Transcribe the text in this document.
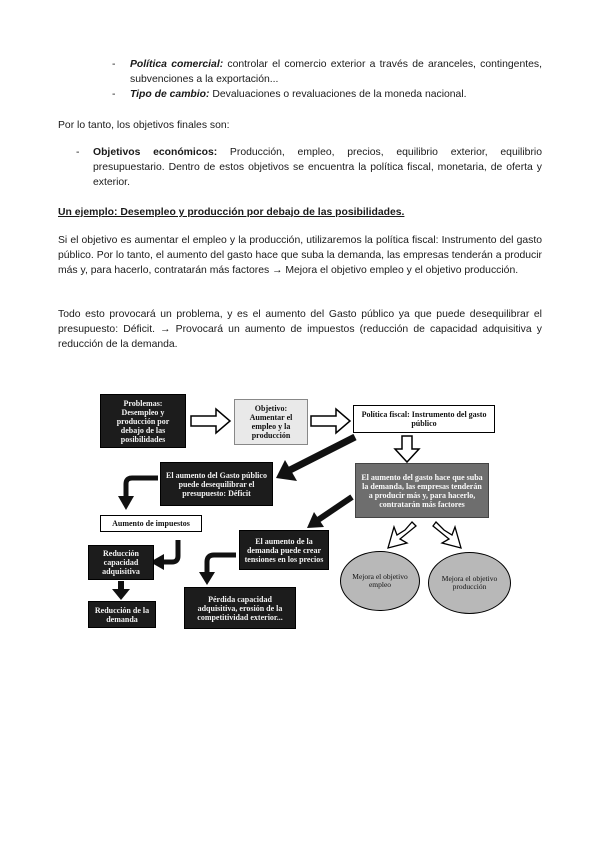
- Política comercial: controlar el comercio exterior a través de aranceles, contingentes, subvenciones a la exportación...
- Tipo de cambio: Devaluaciones o revaluaciones de la moneda nacional.
Por lo tanto, los objetivos finales son:
- Objetivos económicos: Producción, empleo, precios, equilibrio exterior, equilibrio presupuestario. Dentro de estos objetivos se encuentra la política fiscal, monetaria, de oferta y exterior.
Un ejemplo: Desempleo y producción por debajo de las posibilidades.
Si el objetivo es aumentar el empleo y la producción, utilizaremos la política fiscal: Instrumento del gasto público. Por lo tanto, el aumento del gasto hace que suba la demanda, las empresas tenderán a producir más y, para hacerlo, contratarán más factores → Mejora el objetivo empleo y el objetivo producción.
Todo esto provocará un problema, y es el aumento del Gasto público ya que puede desequilibrar el presupuesto: Déficit. → Provocará un aumento de impuestos (reducción de capacidad adquisitiva y reducción de la demanda.
Problemas: Desempleo y producción por debajo de las posibilidades
Objetivo: Aumentar el empleo y la producción
Política fiscal: Instrumento del gasto público
El aumento del Gasto público puede desequilibrar el presupuesto: Déficit
El aumento del gasto hace que suba la demanda, las empresas tenderán a producir más y, para hacerlo, contratarán más factores
Aumento de impuestos
El aumento de la demanda puede crear tensiones en los precios
Reducción capacidad adquisitiva
Pérdida capacidad adquisitiva, erosión de la competitividad exterior...
Reducción de la demanda
Mejora el objetivo empleo
Mejora el objetivo producción
